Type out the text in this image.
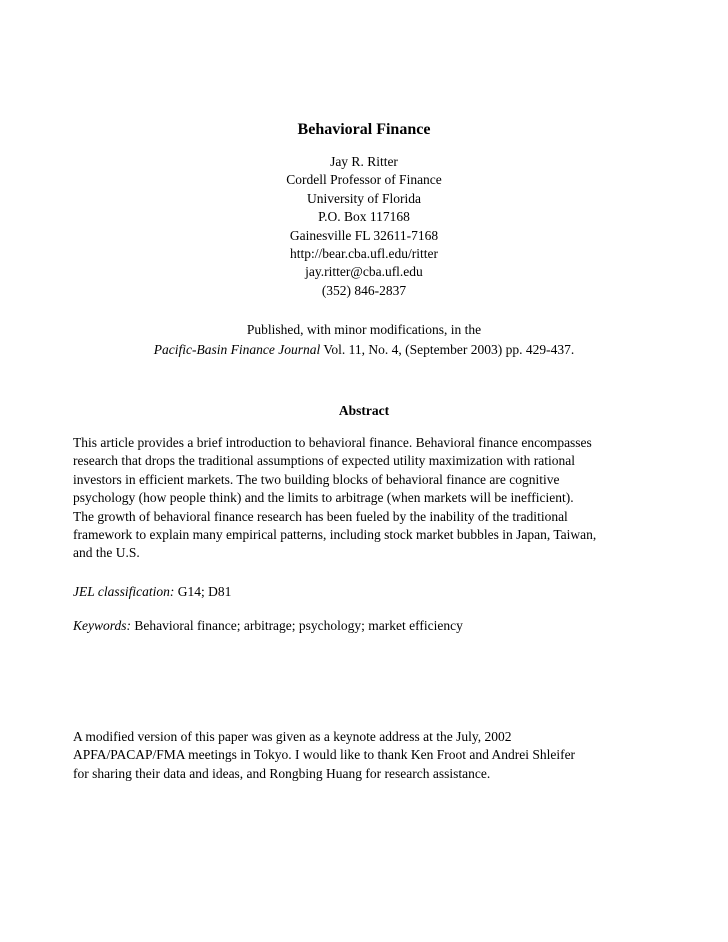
Behavioral Finance
Jay R. Ritter
Cordell Professor of Finance
University of Florida
P.O. Box 117168
Gainesville FL 32611-7168
http://bear.cba.ufl.edu/ritter
jay.ritter@cba.ufl.edu
(352) 846-2837
Published, with minor modifications, in the
Pacific-Basin Finance Journal Vol. 11, No. 4, (September 2003) pp. 429-437.
Abstract
This article provides a brief introduction to behavioral finance. Behavioral finance encompasses
research that drops the traditional assumptions of expected utility maximization with rational
investors in efficient markets. The two building blocks of behavioral finance are cognitive
psychology (how people think) and the limits to arbitrage (when markets will be inefficient).
The growth of behavioral finance research has been fueled by the inability of the traditional
framework to explain many empirical patterns, including stock market bubbles in Japan, Taiwan,
and the U.S.
JEL classification: G14; D81
Keywords: Behavioral finance; arbitrage; psychology; market efficiency
A modified version of this paper was given as a keynote address at the July, 2002
APFA/PACAP/FMA meetings in Tokyo. I would like to thank Ken Froot and Andrei Shleifer
for sharing their data and ideas, and Rongbing Huang for research assistance.
